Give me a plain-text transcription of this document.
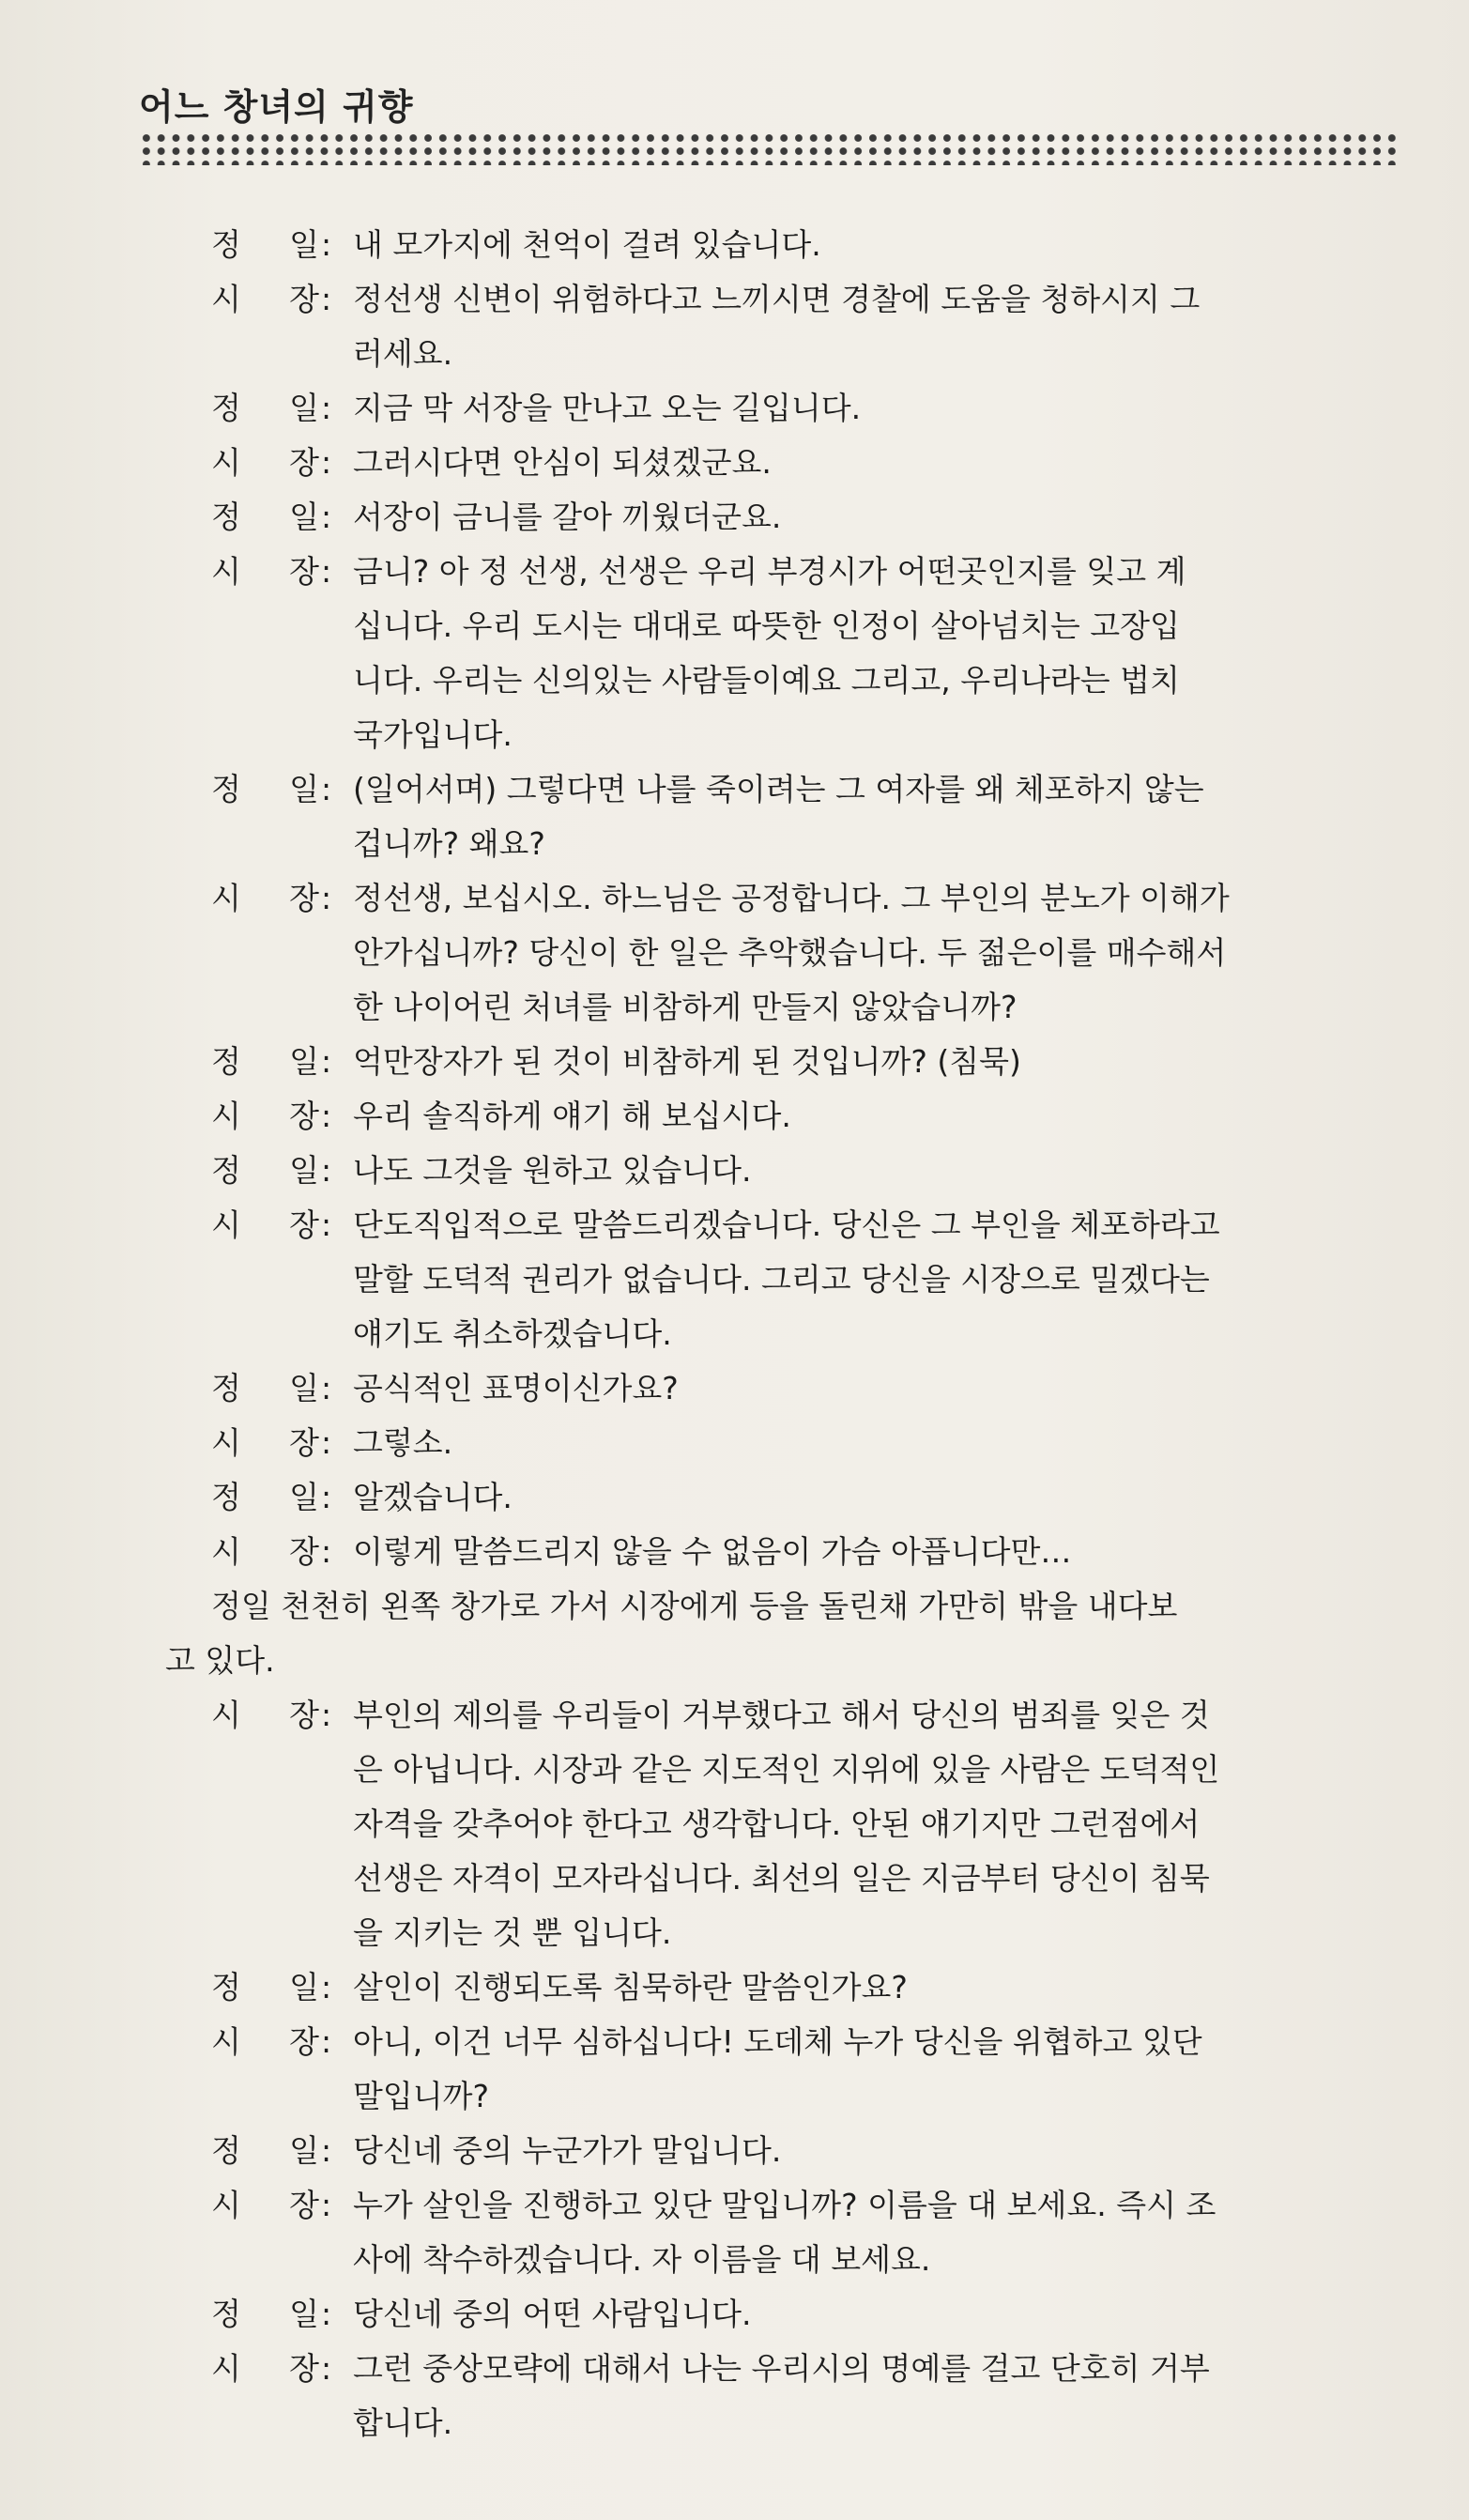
어느 창녀의 귀향
정 일 : 내 모가지에 천억이 걸려 있습니다.
시 장 : 정선생 신변이 위험하다고 느끼시면 경찰에 도움을 청하시지 그
러세요.
정 일 : 지금 막 서장을 만나고 오는 길입니다.
시 장 : 그러시다면 안심이 되셨겠군요.
정 일 : 서장이 금니를 갈아 끼웠더군요.
시 장 : 금니? 아 정 선생, 선생은 우리 부경시가 어떤곳인지를 잊고 계
십니다. 우리 도시는 대대로 따뜻한 인정이 살아넘치는 고장입
니다. 우리는 신의있는 사람들이예요 그리고, 우리나라는 법치
국가입니다.
정 일 : (일어서며) 그렇다면 나를 죽이려는 그 여자를 왜 체포하지 않는
겁니까? 왜요?
시 장 : 정선생, 보십시오. 하느님은 공정합니다. 그 부인의 분노가 이해가
안가십니까? 당신이 한 일은 추악했습니다. 두 젊은이를 매수해서
한 나이어린 처녀를 비참하게 만들지 않았습니까?
정 일 : 억만장자가 된 것이 비참하게 된 것입니까? (침묵)
시 장 : 우리 솔직하게 얘기 해 보십시다.
정 일 : 나도 그것을 원하고 있습니다.
시 장 : 단도직입적으로 말씀드리겠습니다. 당신은 그 부인을 체포하라고
말할 도덕적 권리가 없습니다. 그리고 당신을 시장으로 밀겠다는
얘기도 취소하겠습니다.
정 일 : 공식적인 표명이신가요?
시 장 : 그렇소.
정 일 : 알겠습니다.
시 장 : 이렇게 말씀드리지 않을 수 없음이 가슴 아픕니다만…
정일 천천히 왼쪽 창가로 가서 시장에게 등을 돌린채 가만히 밖을 내다보
고 있다.
시 장 : 부인의 제의를 우리들이 거부했다고 해서 당신의 범죄를 잊은 것
은 아닙니다. 시장과 같은 지도적인 지위에 있을 사람은 도덕적인
자격을 갖추어야 한다고 생각합니다. 안된 얘기지만 그런점에서
선생은 자격이 모자라십니다. 최선의 일은 지금부터 당신이 침묵
을 지키는 것 뿐 입니다.
정 일 : 살인이 진행되도록 침묵하란 말씀인가요?
시 장 : 아니, 이건 너무 심하십니다! 도데체 누가 당신을 위협하고 있단
말입니까?
정 일 : 당신네 중의 누군가가 말입니다.
시 장 : 누가 살인을 진행하고 있단 말입니까? 이름을 대 보세요. 즉시 조
사에 착수하겠습니다. 자 이름을 대 보세요.
정 일 : 당신네 중의 어떤 사람입니다.
시 장 : 그런 중상모략에 대해서 나는 우리시의 명예를 걸고 단호히 거부
합니다.
